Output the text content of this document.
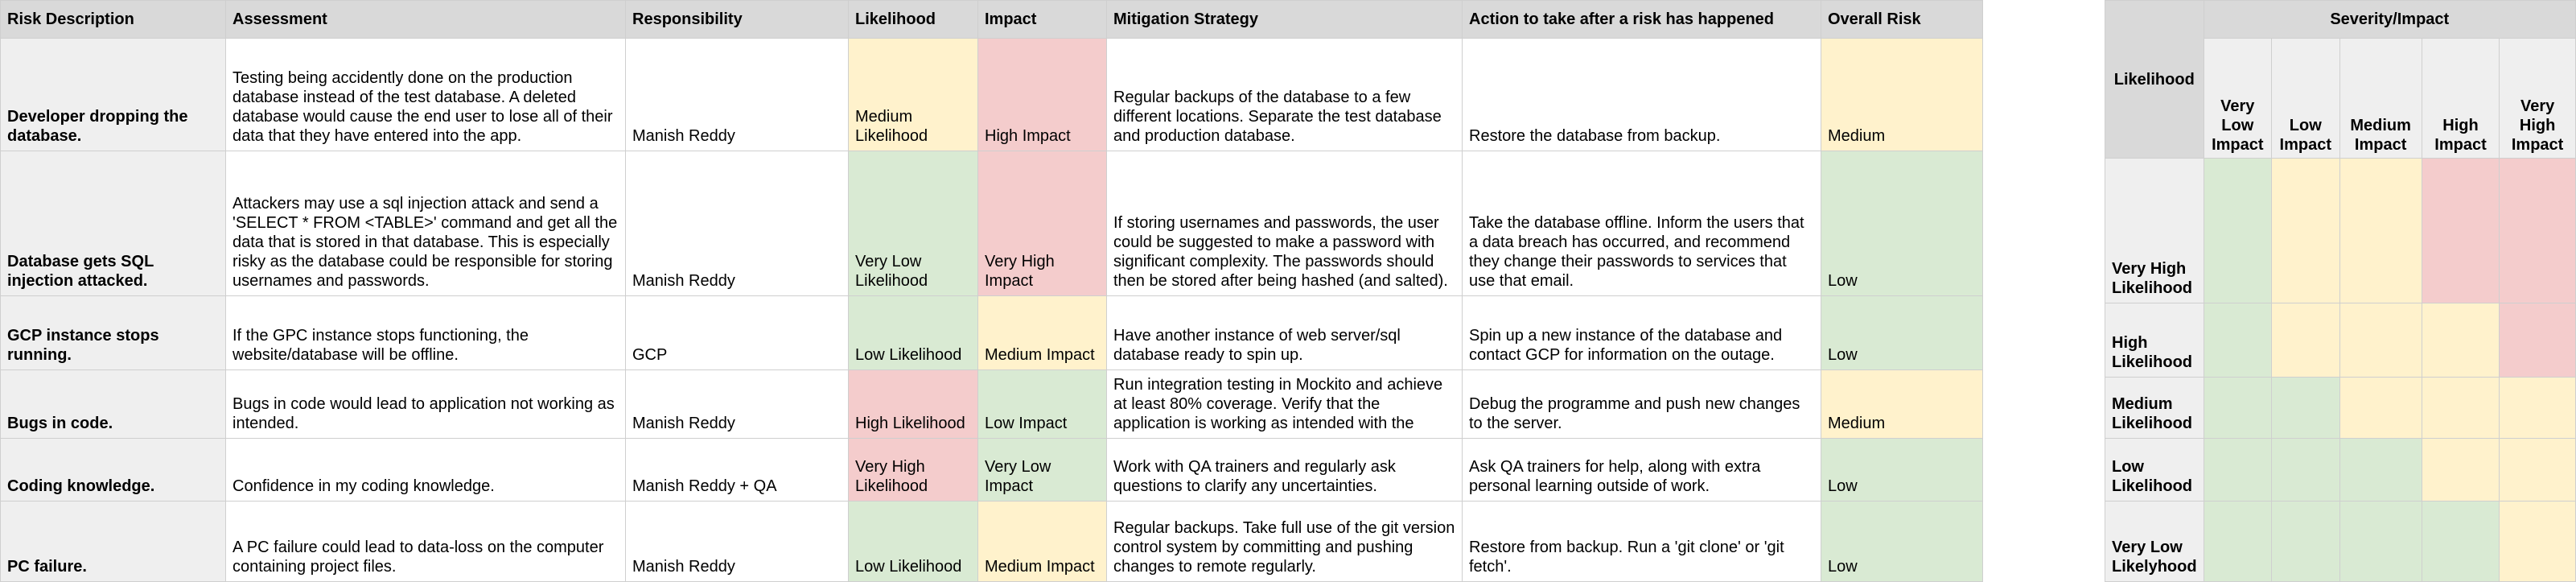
Risk Description	Assessment	Responsibility	Likelihood	Impact	Mitigation Strategy	Action to take after a risk has happened	Overall Risk
Developer dropping the database.	Testing being accidently done on the production database instead of the test database. A deleted database would cause the end user to lose all of their data that they have entered into the app.	Manish Reddy	Medium Likelihood	High Impact	Regular backups of the database to a few different locations. Separate the test database and production database.	Restore the database from backup.	Medium
Database gets SQL injection attacked.	Attackers may use a sql injection attack and send a 'SELECT * FROM <TABLE>' command and get all the data that is stored in that database. This is especially risky as the database could be responsible for storing usernames and passwords.	Manish Reddy	Very Low Likelihood	Very High Impact	If storing usernames and passwords, the user could be suggested to make a password with significant complexity. The passwords should then be stored after being hashed (and salted).	Take the database offline. Inform the users that a data breach has occurred, and recommend they change their passwords to services that use that email.	Low
GCP instance stops running.	If the GPC instance stops functioning, the website/database will be offline.	GCP	Low Likelihood	Medium Impact	Have another instance of web server/sql database ready to spin up.	Spin up a new instance of the database and contact GCP for information on the outage.	Low
Bugs in code.	Bugs in code would lead to application not working as intended.	Manish Reddy	High Likelihood	Low Impact	Run integration testing in Mockito and achieve at least 80% coverage. Verify that the application is working as intended with the	Debug the programme and push new changes to the server.	Medium
Coding knowledge.	Confidence in my coding knowledge.	Manish Reddy + QA	Very High Likelihood	Very Low Impact	Work with QA trainers and regularly ask questions to clarify any uncertainties.	Ask QA trainers for help, along with extra personal learning outside of work.	Low
PC failure.	A PC failure could lead to data-loss on the computer containing project files.	Manish Reddy	Low Likelihood	Medium Impact	Regular backups. Take full use of the git version control system by committing and pushing changes to remote regularly.	Restore from backup. Run a 'git clone' or 'git fetch'.	Low
Likelihood	Severity/Impact				
	Very Low Impact	Low Impact	Medium Impact	High Impact	Very High Impact
Very High Likelihood					
High Likelihood					
Medium Likelihood					
Low Likelihood					
Very Low Likelyhood					
